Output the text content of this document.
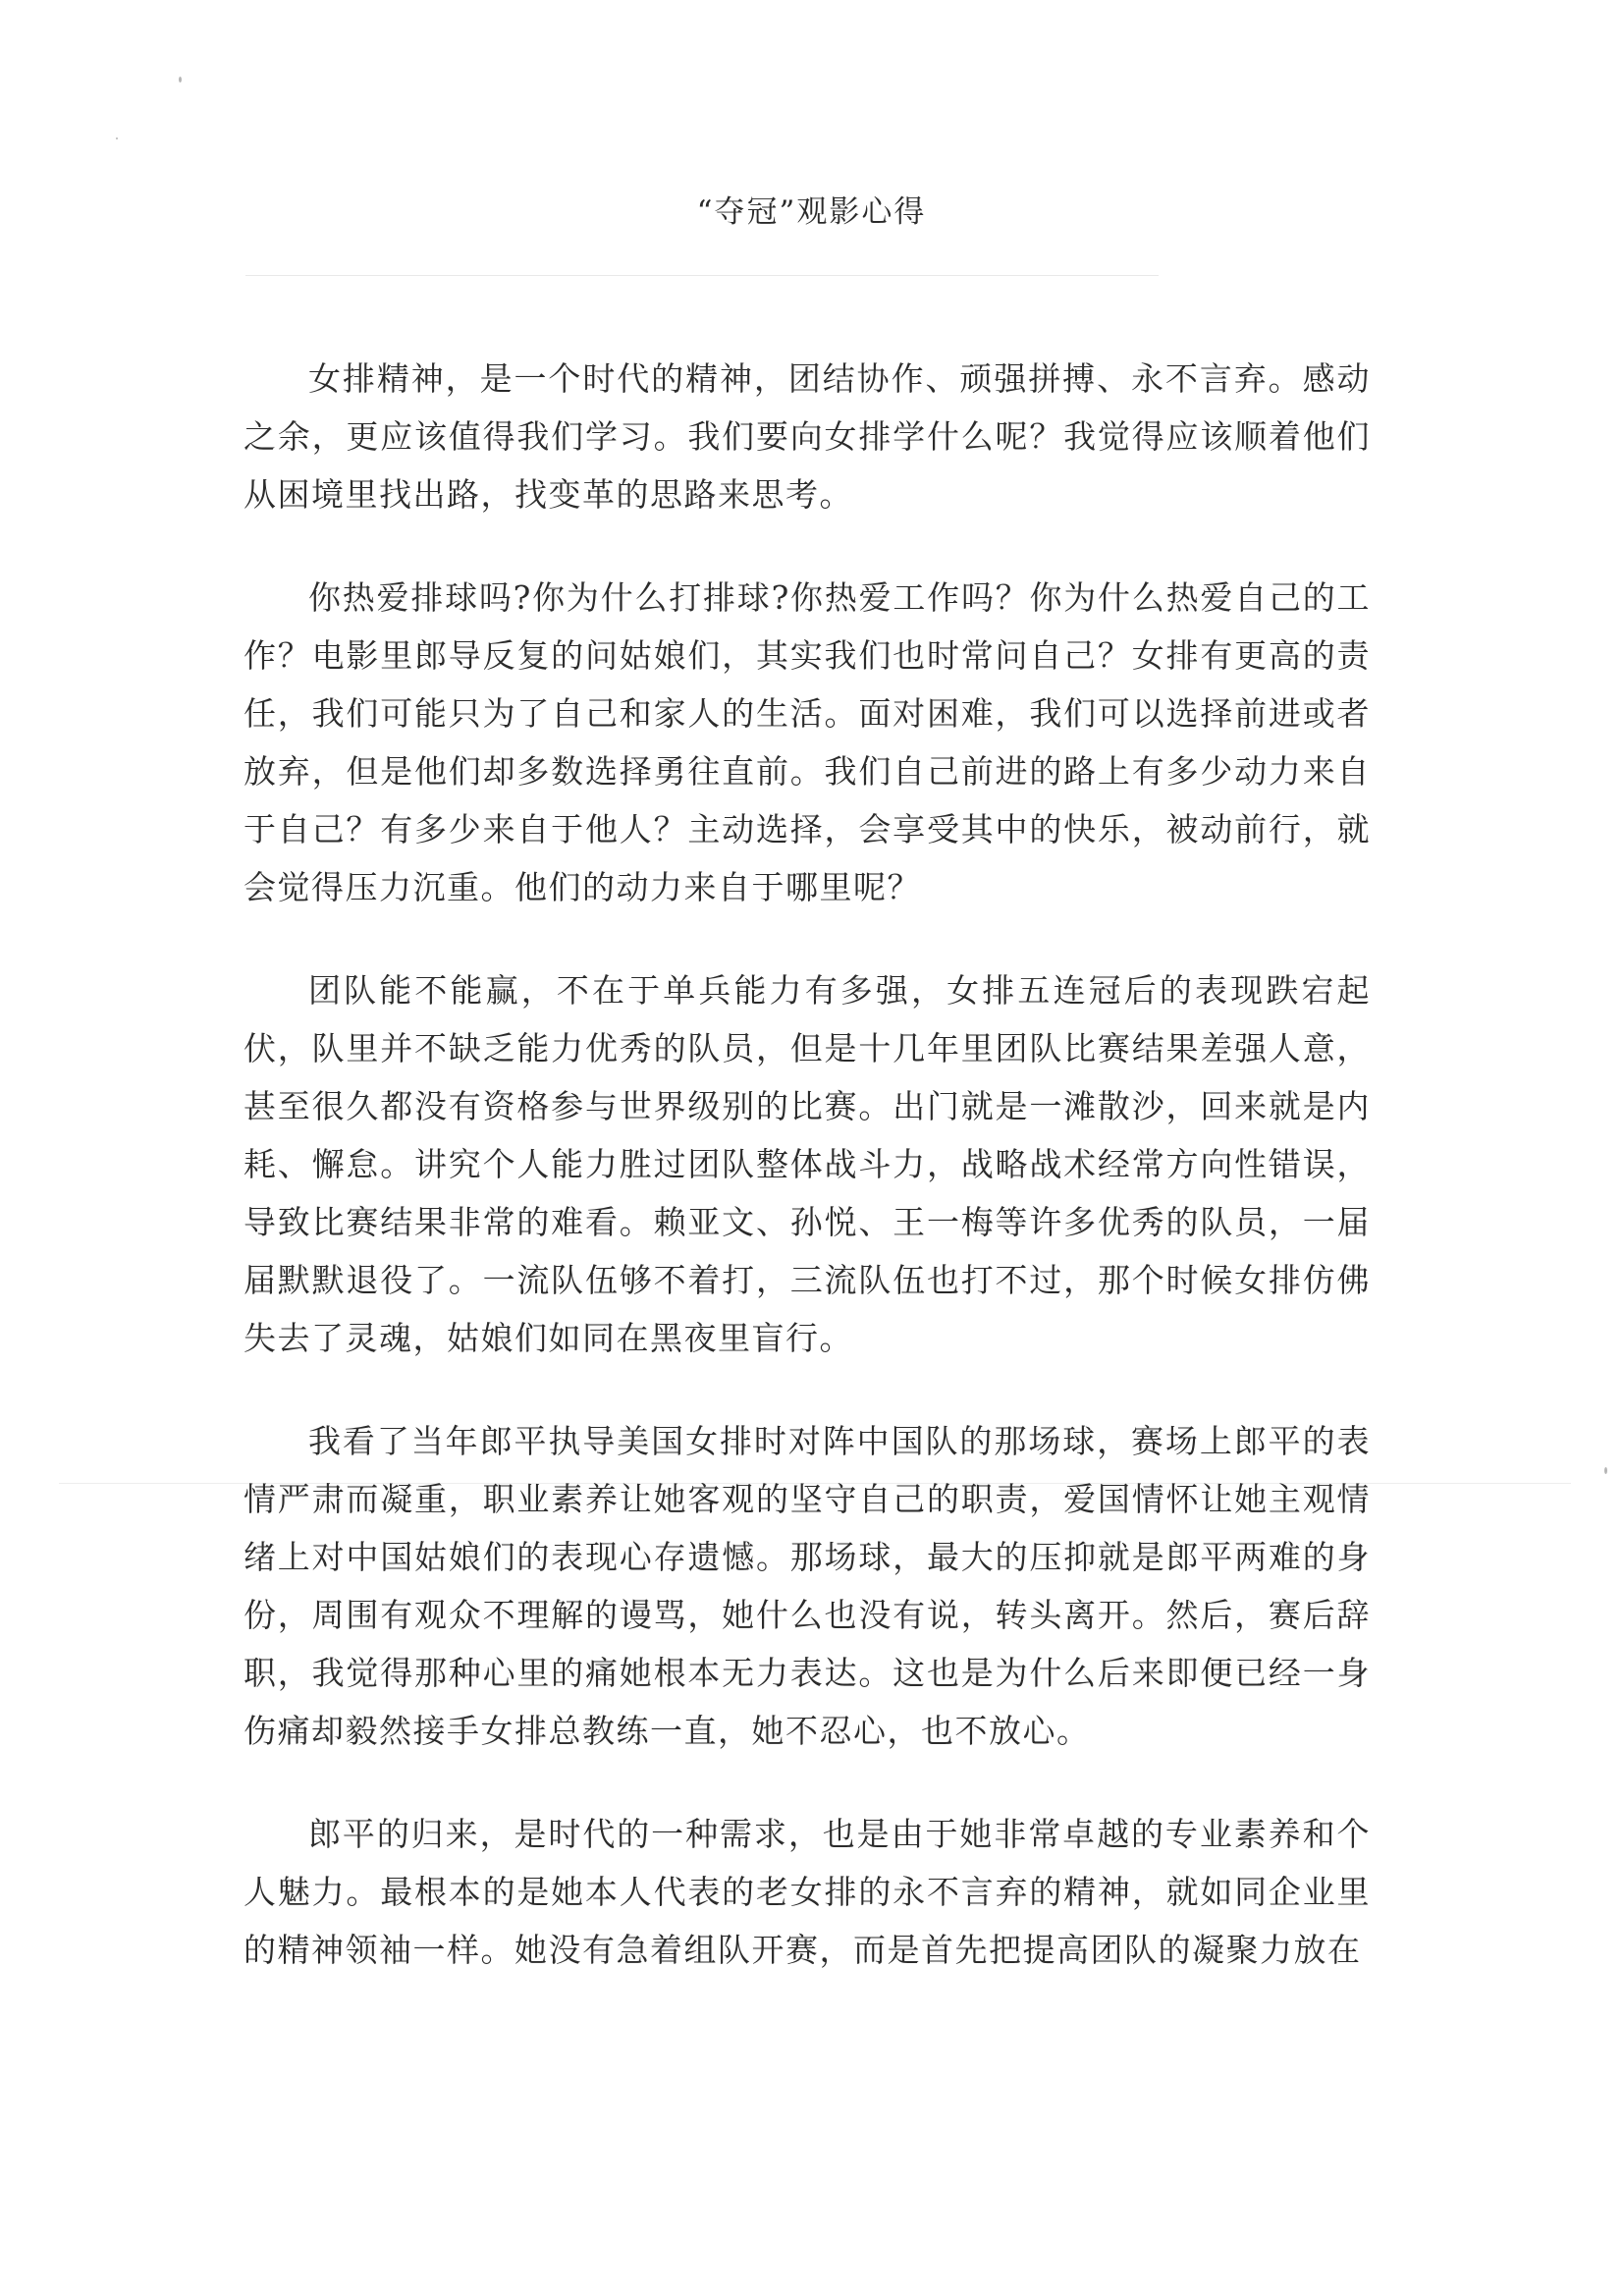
“夺冠”观影心得

女排精神，是一个时代的精神，团结协作、顽强拼搏、永不言弃。感动之余，更应该值得我们学习。我们要向女排学什么呢？我觉得应该顺着他们从困境里找出路，找变革的思路来思考。

你热爱排球吗?你为什么打排球?你热爱工作吗？你为什么热爱自己的工作？电影里郎导反复的问姑娘们，其实我们也时常问自己？女排有更高的责任，我们可能只为了自己和家人的生活。面对困难，我们可以选择前进或者放弃，但是他们却多数选择勇往直前。我们自己前进的路上有多少动力来自于自己？有多少来自于他人？主动选择，会享受其中的快乐，被动前行，就会觉得压力沉重。他们的动力来自于哪里呢？

团队能不能赢，不在于单兵能力有多强，女排五连冠后的表现跌宕起伏，队里并不缺乏能力优秀的队员，但是十几年里团队比赛结果差强人意，甚至很久都没有资格参与世界级别的比赛。出门就是一滩散沙，回来就是内耗、懈怠。讲究个人能力胜过团队整体战斗力，战略战术经常方向性错误，导致比赛结果非常的难看。赖亚文、孙悦、王一梅等许多优秀的队员，一届届默默退役了。一流队伍够不着打，三流队伍也打不过，那个时候女排仿佛失去了灵魂，姑娘们如同在黑夜里盲行。

我看了当年郎平执导美国女排时对阵中国队的那场球，赛场上郎平的表情严肃而凝重，职业素养让她客观的坚守自己的职责，爱国情怀让她主观情绪上对中国姑娘们的表现心存遗憾。那场球，最大的压抑就是郎平两难的身份，周围有观众不理解的谩骂，她什么也没有说，转头离开。然后，赛后辞职，我觉得那种心里的痛她根本无力表达。这也是为什么后来即便已经一身伤痛却毅然接手女排总教练一直，她不忍心，也不放心。

郎平的归来，是时代的一种需求，也是由于她非常卓越的专业素养和个人魅力。最根本的是她本人代表的老女排的永不言弃的精神，就如同企业里的精神领袖一样。她没有急着组队开赛，而是首先把提高团队的凝聚力放在
